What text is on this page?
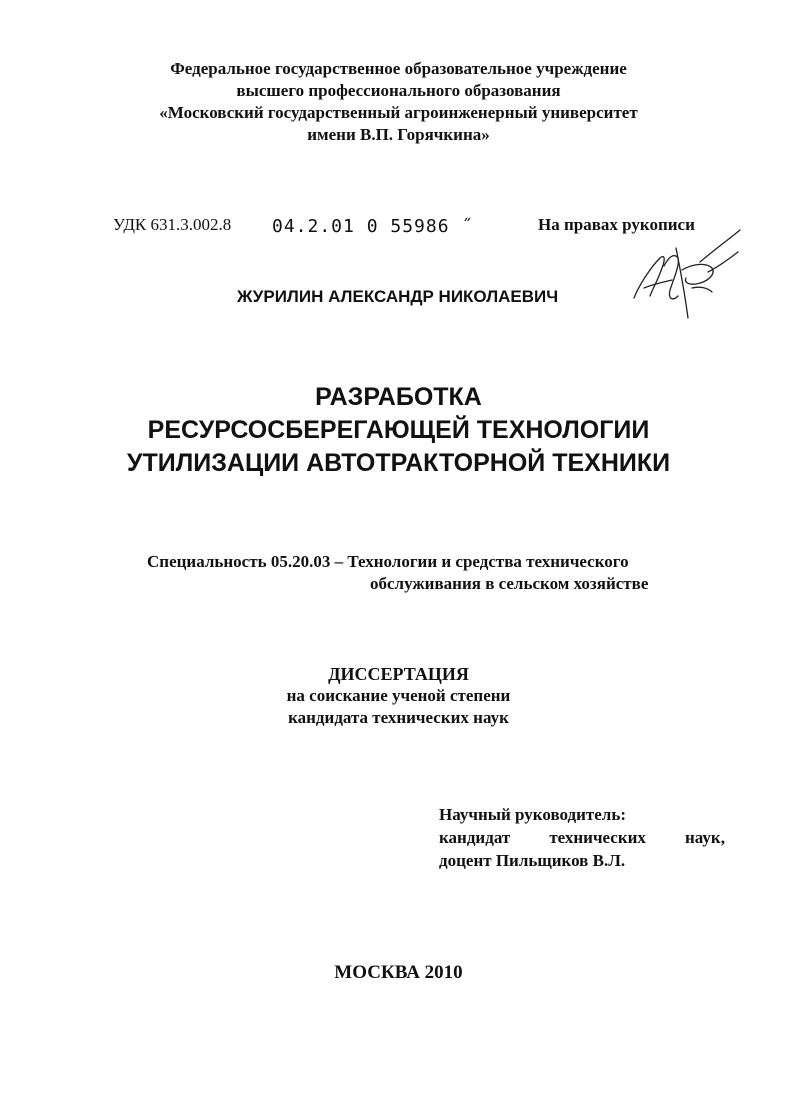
Федеральное государственное образовательное учреждение
высшего профессионального образования
«Московский государственный агроинженерный университет
имени В.П. Горячкина»
УДК 631.3.002.8 04.2.01 0 55986 ˝	На правах рукописи
ЖУРИЛИН АЛЕКСАНДР НИКОЛАЕВИЧ
РАЗРАБОТКА
РЕСУРСОСБЕРЕГАЮЩЕЙ ТЕХНОЛОГИИ
УТИЛИЗАЦИИ АВТОТРАКТОРНОЙ ТЕХНИКИ
Специальность 05.20.03 – Технологии и средства технического
обслуживания в сельском хозяйстве
ДИССЕРТАЦИЯ
на соискание ученой степени
кандидата технических наук
Научный руководитель:
кандидат технических наук,
доцент Пильщиков В.Л.
МОСКВА 2010
